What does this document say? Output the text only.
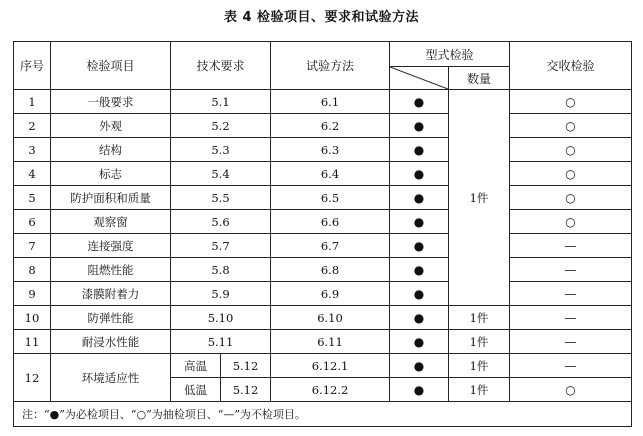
表 4 检验项目、要求和试验方法
序号	检验项目	技术要求		试验方法	型式检验		交收检验

	数量	
1	一般要求	5.1		6.1	●	1件	○
2	外观	5.2		6.2	●		○
3	结构	5.3		6.3	●		○
4	标志	5.4		6.4	●		○
5	防护面积和质量	5.5		6.5	●		○
6	观察窗	5.6		6.6	●		○
7	连接强度	5.7		6.7	●		—
8	阻燃性能	5.8		6.8	●		—
9	漆膜附着力	5.9		6.9	●		—
10	防弹性能	5.10		6.10	●	1件	—
11	耐浸水性能	5.11		6.11	●	1件	—
12	环境适应性	高温	5.12	6.12.1	●	1件	—
		低温	5.12	6.12.2	●	1件	○
注：“●”为必检项目、“○”为抽检项目、“—”为不检项目。							
